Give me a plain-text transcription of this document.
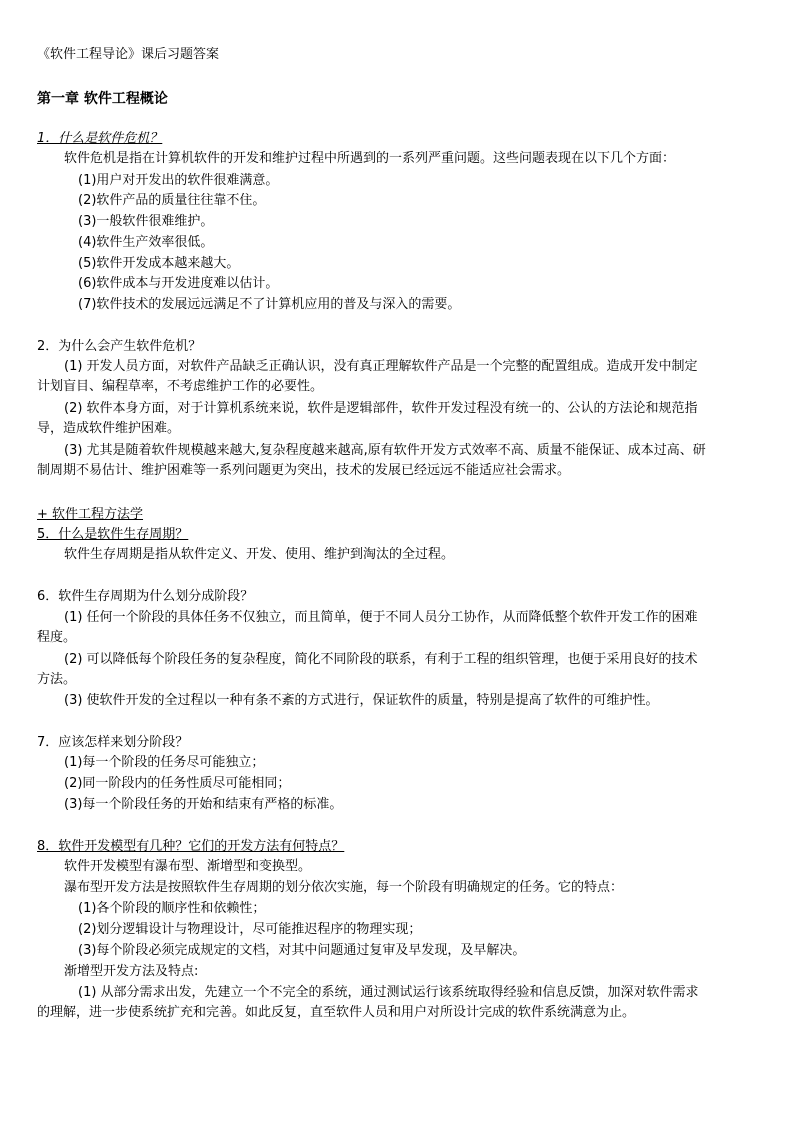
《软件工程导论》课后习题答案
第一章 软件工程概论
1．什么是软件危机？
软件危机是指在计算机软件的开发和维护过程中所遇到的一系列严重问题。这些问题表现在以下几个方面：
(1)用户对开发出的软件很难满意。
(2)软件产品的质量往往靠不住。
(3)一般软件很难维护。
(4)软件生产效率很低。
(5)软件开发成本越来越大。
(6)软件成本与开发进度难以估计。
(7)软件技术的发展远远满足不了计算机应用的普及与深入的需要。
2．为什么会产生软件危机？
(1) 开发人员方面，对软件产品缺乏正确认识，没有真正理解软件产品是一个完整的配置组成。造成开发中制定
计划盲目、编程草率，不考虑维护工作的必要性。
(2) 软件本身方面，对于计算机系统来说，软件是逻辑部件，软件开发过程没有统一的、公认的方法论和规范指
导，造成软件维护困难。
(3) 尤其是随着软件规模越来越大,复杂程度越来越高,原有软件开发方式效率不高、质量不能保证、成本过高、研
制周期不易估计、维护困难等一系列问题更为突出，技术的发展已经远远不能适应社会需求。
+ 软件工程方法学
5．什么是软件生存周期？
软件生存周期是指从软件定义、开发、使用、维护到淘汰的全过程。
6．软件生存周期为什么划分成阶段？
(1) 任何一个阶段的具体任务不仅独立，而且简单，便于不同人员分工协作，从而降低整个软件开发工作的困难
程度。
(2) 可以降低每个阶段任务的复杂程度，简化不同阶段的联系，有利于工程的组织管理，也便于采用良好的技术
方法。
(3) 使软件开发的全过程以一种有条不紊的方式进行，保证软件的质量，特别是提高了软件的可维护性。
7．应该怎样来划分阶段？
(1)每一个阶段的任务尽可能独立；
(2)同一阶段内的任务性质尽可能相同；
(3)每一个阶段任务的开始和结束有严格的标准。
8．软件开发模型有几种？它们的开发方法有何特点？
软件开发模型有瀑布型、渐增型和变换型。
瀑布型开发方法是按照软件生存周期的划分依次实施，每一个阶段有明确规定的任务。它的特点：
(1)各个阶段的顺序性和依赖性；
(2)划分逻辑设计与物理设计，尽可能推迟程序的物理实现；
(3)每个阶段必须完成规定的文档，对其中问题通过复审及早发现，及早解决。
渐增型开发方法及特点:
(1) 从部分需求出发，先建立一个不完全的系统，通过测试运行该系统取得经验和信息反馈，加深对软件需求
的理解，进一步使系统扩充和完善。如此反复，直至软件人员和用户对所设计完成的软件系统满意为止。
